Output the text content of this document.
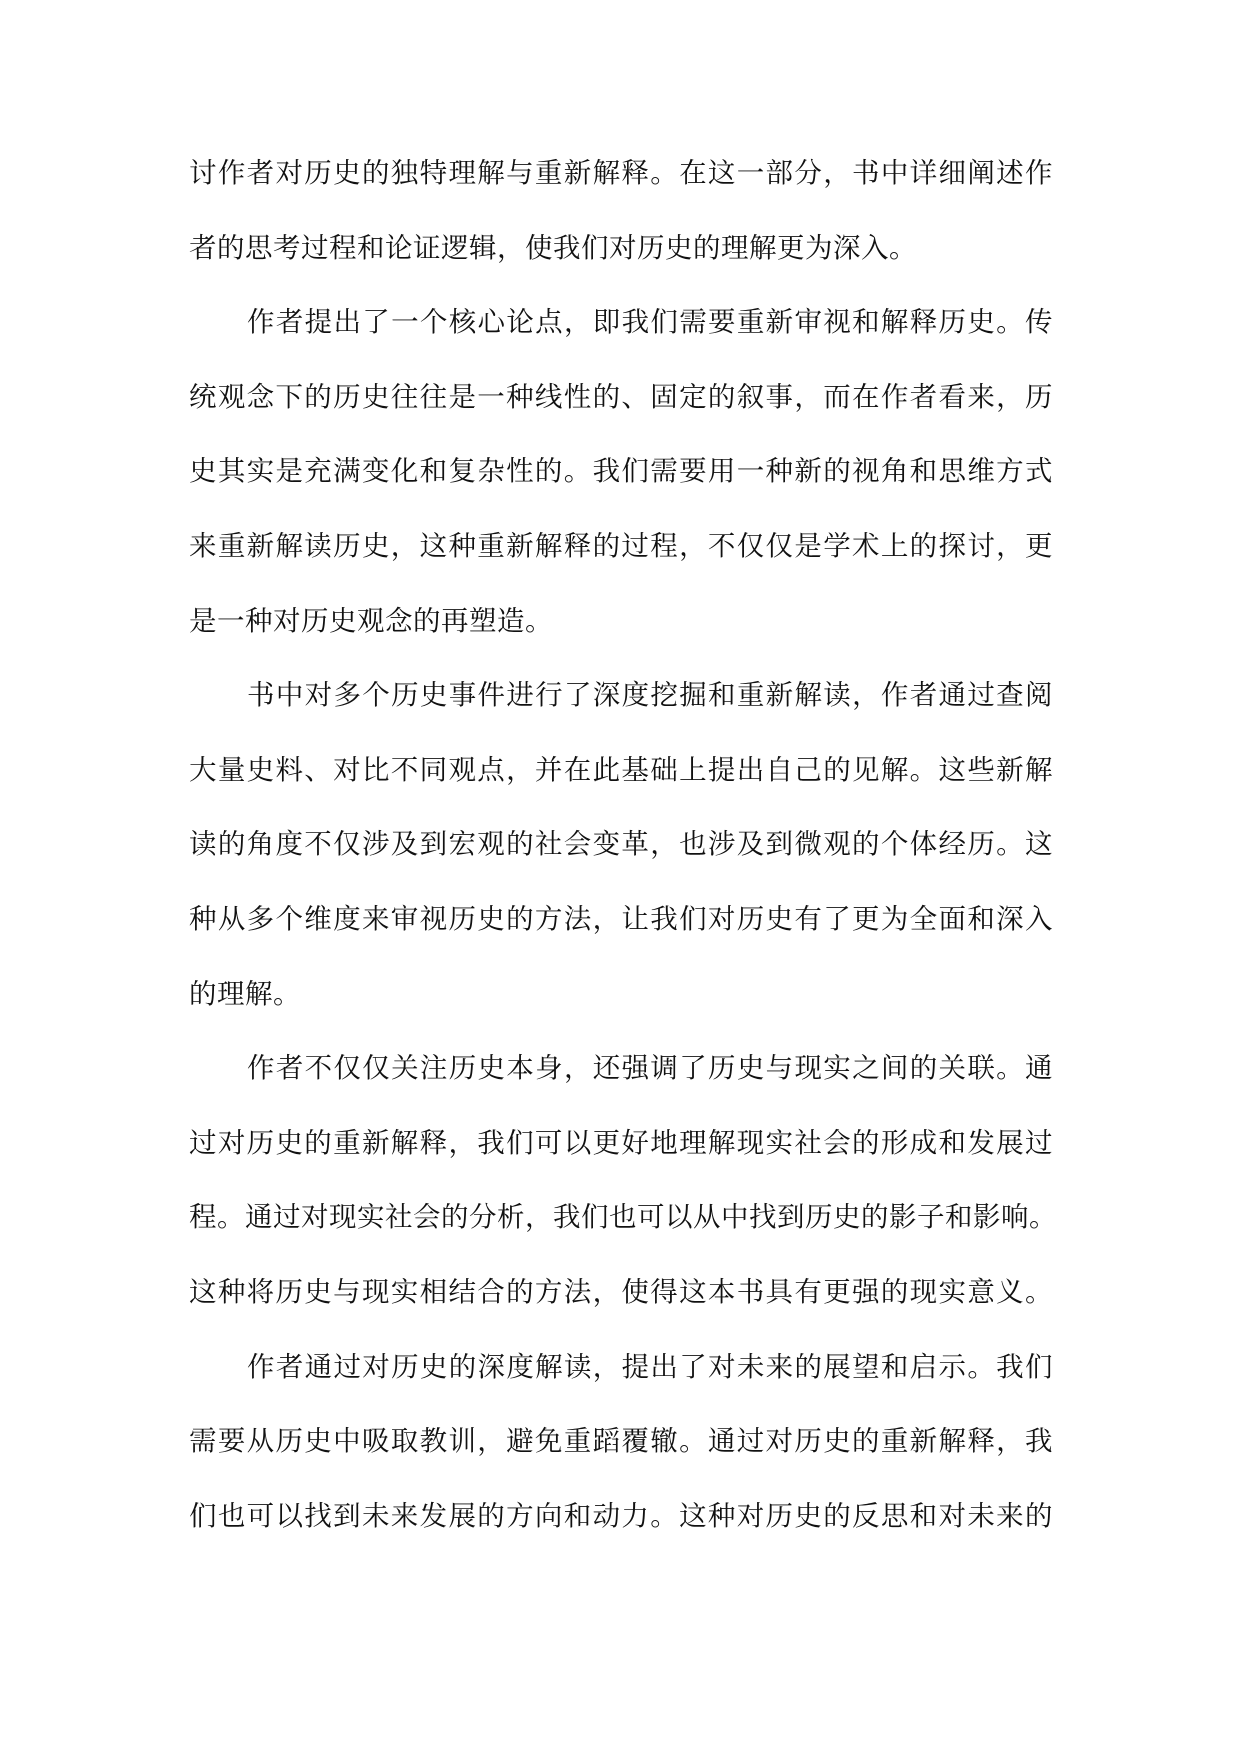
讨作者对历史的独特理解与重新解释。在这一部分，书中详细阐述作
者的思考过程和论证逻辑，使我们对历史的理解更为深入。
作者提出了一个核心论点，即我们需要重新审视和解释历史。传
统观念下的历史往往是一种线性的、固定的叙事，而在作者看来，历
史其实是充满变化和复杂性的。我们需要用一种新的视角和思维方式
来重新解读历史，这种重新解释的过程，不仅仅是学术上的探讨，更
是一种对历史观念的再塑造。
书中对多个历史事件进行了深度挖掘和重新解读，作者通过查阅
大量史料、对比不同观点，并在此基础上提出自己的见解。这些新解
读的角度不仅涉及到宏观的社会变革，也涉及到微观的个体经历。这
种从多个维度来审视历史的方法，让我们对历史有了更为全面和深入
的理解。
作者不仅仅关注历史本身，还强调了历史与现实之间的关联。通
过对历史的重新解释，我们可以更好地理解现实社会的形成和发展过
程。通过对现实社会的分析，我们也可以从中找到历史的影子和影响。
这种将历史与现实相结合的方法，使得这本书具有更强的现实意义。
作者通过对历史的深度解读，提出了对未来的展望和启示。我们
需要从历史中吸取教训，避免重蹈覆辙。通过对历史的重新解释，我
们也可以找到未来发展的方向和动力。这种对历史的反思和对未来的
